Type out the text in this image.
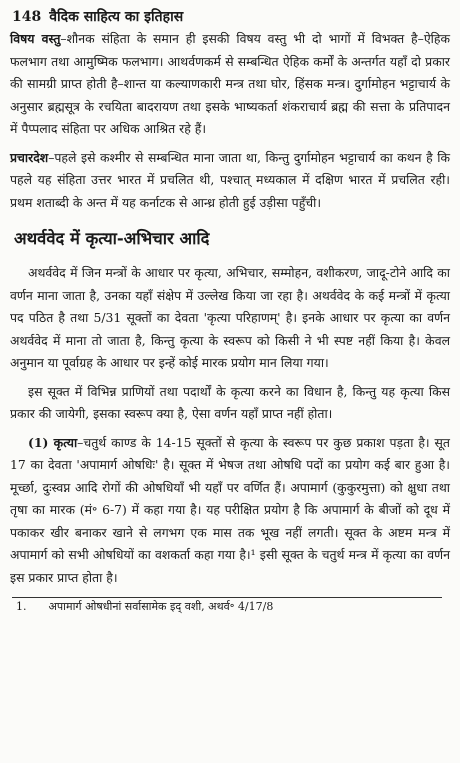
148 वैदिक साहित्य का इतिहास

विषय वस्तु–शौनक संहिता के समान ही इसकी विषय वस्तु भी दो भागों में विभक्त है–ऐहिक फलभाग तथा आमुष्मिक फलभाग। आथर्वणकर्म से सम्बन्धित ऐहिक कर्मों के अन्तर्गत यहाँ दो प्रकार की सामग्री प्राप्त होती है–शान्त या कल्याणकारी मन्त्र तथा घोर, हिंसक मन्त्र। दुर्गामोहन भट्टाचार्य के अनुसार ब्रह्मसूत्र के रचयिता बादरायण तथा इसके भाष्यकर्ता शंकराचार्य ब्रह्म की सत्ता के प्रतिपादन में पैप्पलाद संहिता पर अधिक आश्रित रहे हैं।

प्रचारदेश–पहले इसे कश्मीर से सम्बन्धित माना जाता था, किन्तु दुर्गामोहन भट्टाचार्य का कथन है कि पहले यह संहिता उत्तर भारत में प्रचलित थी, पश्चात् मध्यकाल में दक्षिण भारत में प्रचलित रही। प्रथम शताब्दी के अन्त में यह कर्नाटक से आन्ध्र होती हुई उड़ीसा पहुँची।

अथर्ववेद में कृत्या-अभिचार आदि

अथर्ववेद में जिन मन्त्रों के आधार पर कृत्या, अभिचार, सम्मोहन, वशीकरण, जादू-टोने आदि का वर्णन माना जाता है, उनका यहाँ संक्षेप में उल्लेख किया जा रहा है। अथर्ववेद के कई मन्त्रों में कृत्या पद पठित है तथा 5/31 सूक्तों का देवता 'कृत्या परिहाणम्' है। इनके आधार पर कृत्या का वर्णन अथर्ववेद में माना तो जाता है, किन्तु कृत्या के स्वरूप को किसी ने भी स्पष्ट नहीं किया है। केवल अनुमान या पूर्वाग्रह के आधार पर इन्हें कोई मारक प्रयोग मान लिया गया।

इस सूक्त में विभिन्न प्राणियों तथा पदार्थों के कृत्या करने का विधान है, किन्तु यह कृत्या किस प्रकार की जायेगी, इसका स्वरूप क्या है, ऐसा वर्णन यहाँ प्राप्त नहीं होता।

(1) कृत्या–चतुर्थ काण्ड के 14-15 सूक्तों से कृत्या के स्वरूप पर कुछ प्रकाश पड़ता है। सूत 17 का देवता 'अपामार्ग ओषधिः' है। सूक्त में भेषज तथा ओषधि पदों का प्रयोग कई बार हुआ है। मूर्च्छा, दुःस्वप्न आदि रोगों की ओषधियाँ भी यहाँ पर वर्णित हैं। अपामार्ग (कुकुरमुत्ता) को क्षुधा तथा तृषा का मारक (मं॰ 6-7) में कहा गया है। यह परीक्षित प्रयोग है कि अपामार्ग के बीजों को दूध में पकाकर खीर बनाकर खाने से लगभग एक मास तक भूख नहीं लगती। सूक्त के अष्टम मन्त्र में अपामार्ग को सभी ओषधियों का वशकर्ता कहा गया है।¹ इसी सूक्त के चतुर्थ मन्त्र में कृत्या का वर्णन इस प्रकार प्राप्त होता है।

1. अपामार्ग ओषधीनां सर्वासामेक इद् वशी, अथर्व॰ 4/17/8
